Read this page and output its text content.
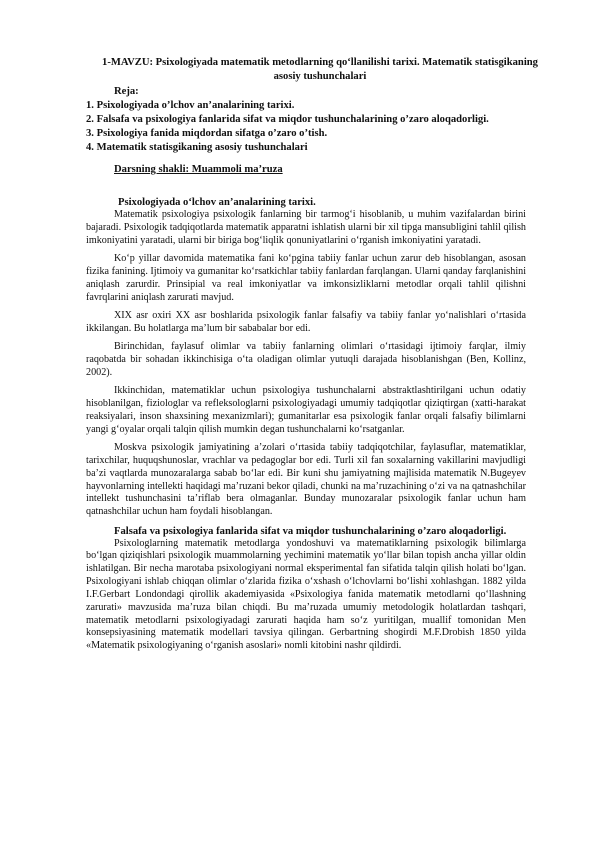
1-MAVZU: Psixologiyada matematik metodlarning qo‘llanilishi tarixi. Matematik statisgikaning asosiy tushunchalari
Reja:
1. Psixologiyada o’lchov an’analarining tarixi.
2. Falsafa va psixologiya fanlarida sifat va miqdor tushunchalarining o’zaro aloqadorligi.
3. Psixologiya fanida miqdordan sifatga o’zaro o’tish.
4. Matematik statisgikaning asosiy tushunchalari
Darsning shakli: Muammoli ma’ruza
Psixologiyada o‘lchov an’analarining tarixi.

Matematik psixologiya psixologik fanlarning bir tarmog‘i hisoblanib, u muhim vazifalardan birini bajaradi. Psixologik tadqiqotlarda matematik apparatni ishlatish ularni bir xil tipga mansubligini tahlil qilish imkoniyatini yaratadi, ularni bir biriga bog‘liqlik qonuniyatlarini o‘rganish imkoniyatini yaratadi.

Ko‘p yillar davomida matematika fani ko‘pgina tabiiy fanlar uchun zarur deb hisoblangan, asosan fizika fanining. Ijtimoiy va gumanitar ko‘rsatkichlar tabiiy fanlardan farqlangan. Ularni qanday farqlanishini aniqlash zarurdir. Prinsipial va real imkoniyatlar va imkonsizliklarni metodlar orqali tahlil qilishni favrqlarini aniqlash zarurati mavjud.

XIX asr oxiri XX asr boshlarida psixologik fanlar falsafiy va tabiiy fanlar yo‘nalishlari o‘rtasida ikkilangan. Bu holatlarga ma’lum bir sababalar bor edi.

Birinchidan, faylasuf olimlar va tabiiy fanlarning olimlari o‘rtasidagi ijtimoiy farqlar, ilmiy raqobatda bir sohadan ikkinchisiga o‘ta oladigan olimlar yutuqli darajada hisoblanishgan (Ben, Kollinz, 2002).

Ikkinchidan, matematiklar uchun psixologiya tushunchalarni abstraktlashtirilgani uchun odatiy hisoblanilgan, fiziologlar va refleksologlarni psixologiyadagi umumiy tadqiqotlar qiziqtirgan (xatti-harakat reaksiyalari, inson shaxsining mexanizmlari); gumanitarlar esa psixologik fanlar orqali falsafiy bilimlarni yangi g‘oyalar orqali talqin qilish mumkin degan tushunchalarni ko‘rsatganlar.

Moskva psixologik jamiyatining a’zolari o‘rtasida tabiiy tadqiqotchilar, faylasuflar, matematiklar, tarixchilar, huquqshunoslar, vrachlar va pedagoglar bor edi. Turli xil fan soxalarning vakillarini mavjudligi ba’zi vaqtlarda munozaralarga sabab bo‘lar edi. Bir kuni shu jamiyatning majlisida matematik N.Bugeyev hayvonlarning intellekti haqidagi ma’ruzani bekor qiladi, chunki na ma’ruzachining o‘zi va na qatnashchilar intellekt tushunchasini ta’riflab bera olmaganlar. Bunday munozaralar psixologik fanlar uchun ham qatnashchilar uchun ham foydali hisoblangan.

Falsafa va psixologiya fanlarida sifat va miqdor tushunchalarining o’zaro aloqadorligi.

Psixologlarning matematik metodlarga yondoshuvi va matematiklarning psixologik bilimlarga bo‘lgan qiziqishlari psixologik muammolarning yechimini matematik yo‘llar bilan topish ancha yillar oldin ishlatilgan. Bir necha marotaba psixologiyani normal eksperimental fan sifatida talqin qilish holati bo‘lgan. Psixologiyani ishlab chiqqan olimlar o‘zlarida fizika o‘xshash o‘lchovlarni bo‘lishi xohlashgan. 1882 yilda I.F.Gerbart Londondagi qirollik akademiyasida «Psixologiya fanida matematik metodlarni qo‘llashning zarurati» mavzusida ma’ruza bilan chiqdi. Bu ma’ruzada umumiy metodologik holatlardan tashqari, matematik metodlarni psixologiyadagi zarurati haqida ham so‘z yuritilgan, muallif tomonidan Men konsepsiyasining matematik modellari tavsiya qilingan. Gerbartning shogirdi M.F.Drobish 1850 yilda «Matematik psixologiyaning o‘rganish asoslari» nomli kitobini nashr qildirdi.
